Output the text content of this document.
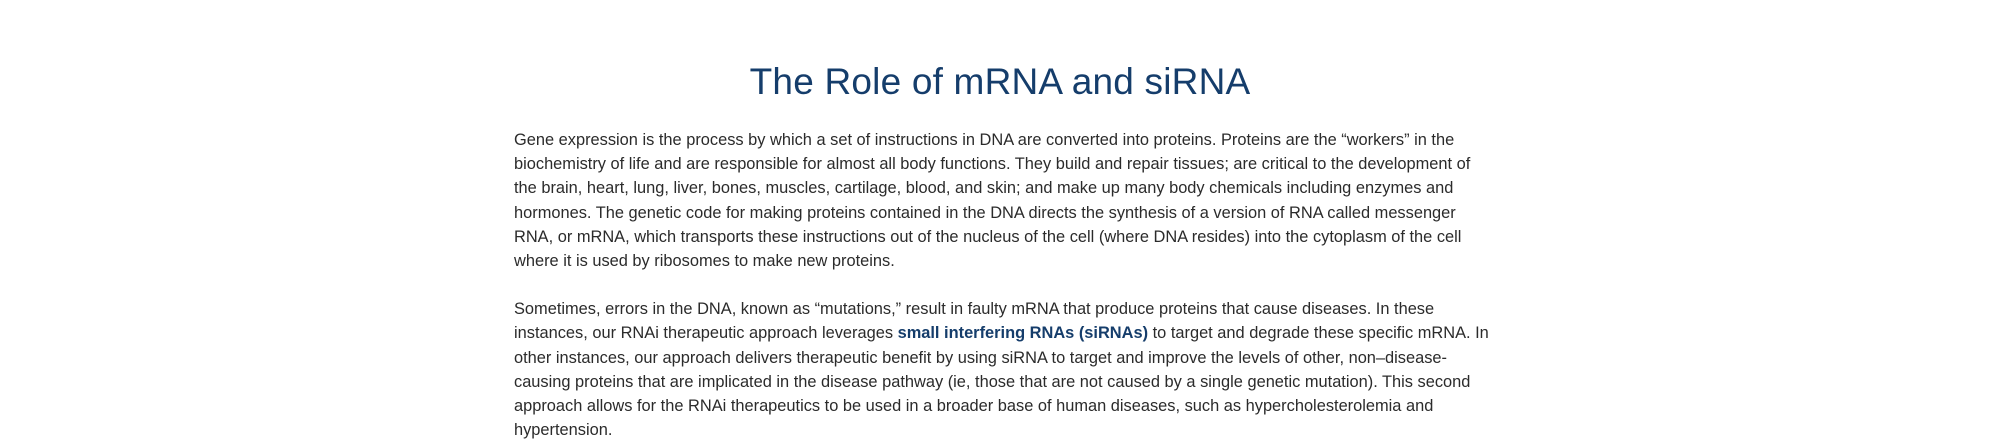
The Role of mRNA and siRNA

Gene expression is the process by which a set of instructions in DNA are converted into proteins. Proteins are the “workers” in the biochemistry of life and are responsible for almost all body functions. They build and repair tissues; are critical to the development of the brain, heart, lung, liver, bones, muscles, cartilage, blood, and skin; and make up many body chemicals including enzymes and hormones. The genetic code for making proteins contained in the DNA directs the synthesis of a version of RNA called messenger RNA, or mRNA, which transports these instructions out of the nucleus of the cell (where DNA resides) into the cytoplasm of the cell where it is used by ribosomes to make new proteins.

Sometimes, errors in the DNA, known as “mutations,” result in faulty mRNA that produce proteins that cause diseases. In these instances, our RNAi therapeutic approach leverages small interfering RNAs (siRNAs) to target and degrade these specific mRNA. In other instances, our approach delivers therapeutic benefit by using siRNA to target and improve the levels of other, non–disease-causing proteins that are implicated in the disease pathway (ie, those that are not caused by a single genetic mutation). This second approach allows for the RNAi therapeutics to be used in a broader base of human diseases, such as hypercholesterolemia and hypertension.
